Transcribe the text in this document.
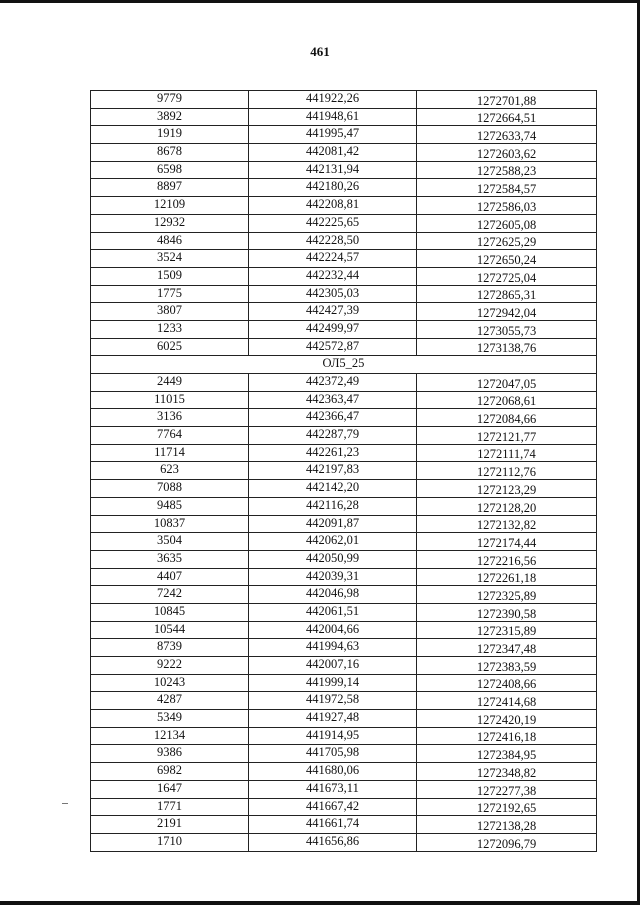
461
9779	441922,26	1272701,88
3892	441948,61	1272664,51
1919	441995,47	1272633,74
8678	442081,42	1272603,62
6598	442131,94	1272588,23
8897	442180,26	1272584,57
12109	442208,81	1272586,03
12932	442225,65	1272605,08
4846	442228,50	1272625,29
3524	442224,57	1272650,24
1509	442232,44	1272725,04
1775	442305,03	1272865,31
3807	442427,39	1272942,04
1233	442499,97	1273055,73
6025	442572,87	1273138,76
ОЛ5_25		
2449	442372,49	1272047,05
11015	442363,47	1272068,61
3136	442366,47	1272084,66
7764	442287,79	1272121,77
11714	442261,23	1272111,74
623	442197,83	1272112,76
7088	442142,20	1272123,29
9485	442116,28	1272128,20
10837	442091,87	1272132,82
3504	442062,01	1272174,44
3635	442050,99	1272216,56
4407	442039,31	1272261,18
7242	442046,98	1272325,89
10845	442061,51	1272390,58
10544	442004,66	1272315,89
8739	441994,63	1272347,48
9222	442007,16	1272383,59
10243	441999,14	1272408,66
4287	441972,58	1272414,68
5349	441927,48	1272420,19
12134	441914,95	1272416,18
9386	441705,98	1272384,95
6982	441680,06	1272348,82
1647	441673,11	1272277,38
1771	441667,42	1272192,65
2191	441661,74	1272138,28
1710	441656,86	1272096,79
